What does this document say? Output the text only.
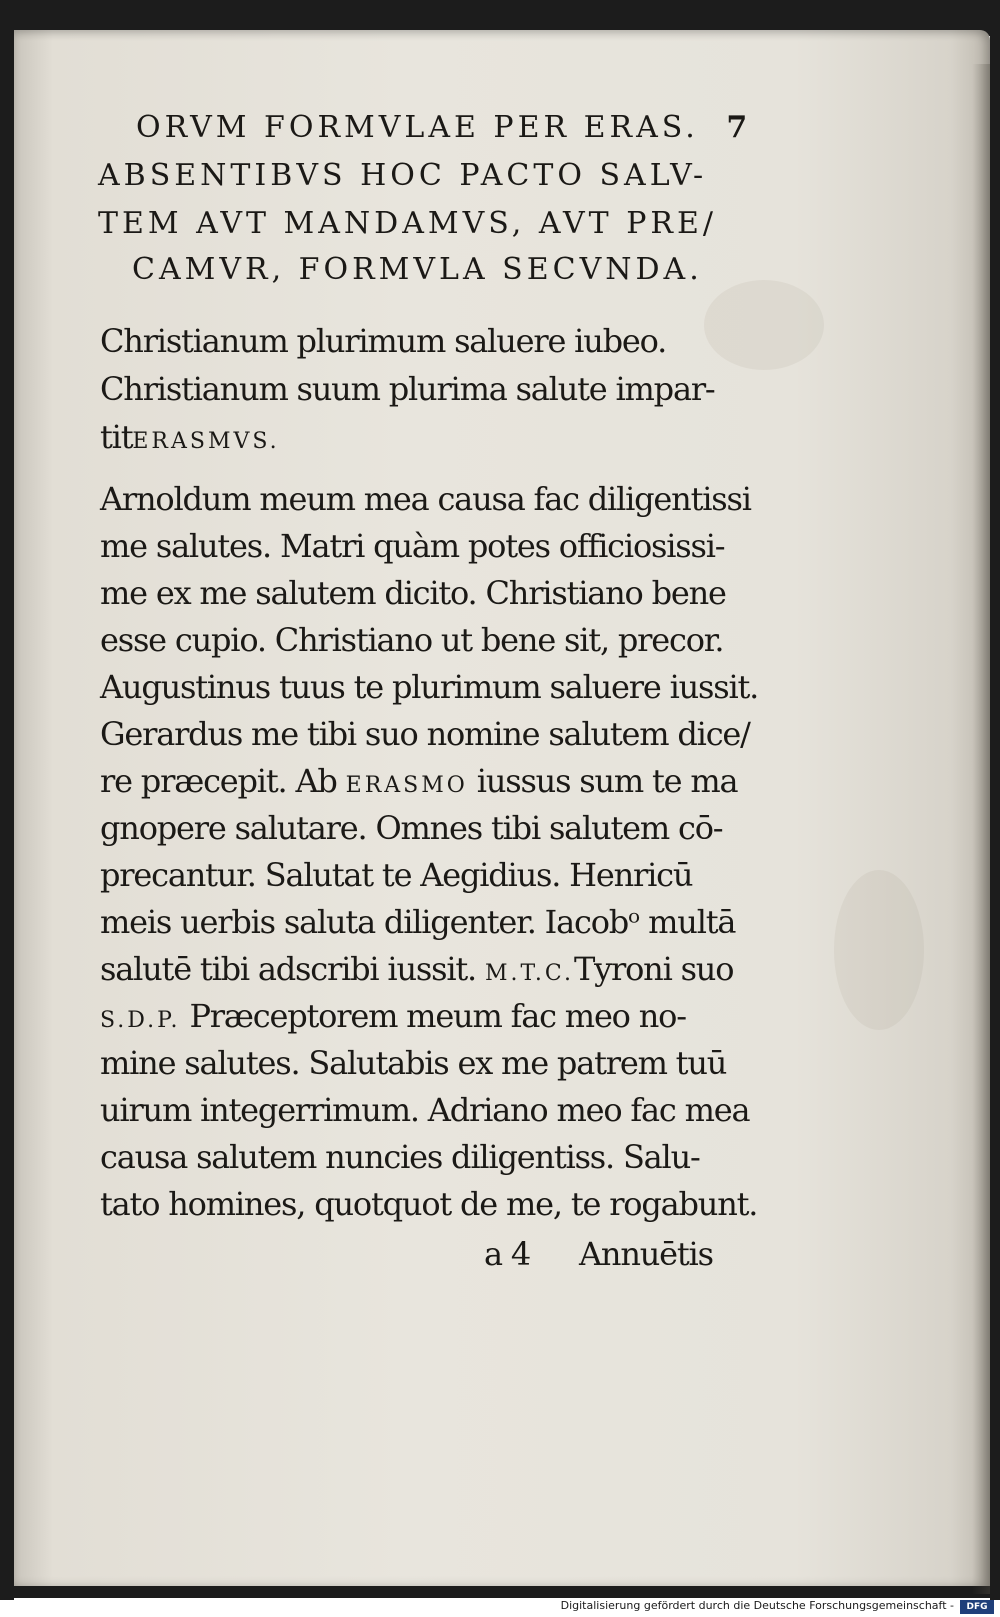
ORVM FORMVLAE PER ERAS. 7
ABSENTIBVS HOC PACTO SALV-
TEM AVT MANDAMVS, AVT PRE/
CAMVR, FORMVLA SECVNDA.
Christianum plurimum saluere iubeo.
Christianum suum plurima salute impar-
titERASMVS.
Arnoldum meum mea causa fac diligentissi
me salutes. Matri quàm potes officiosissi-
me ex me salutem dicito. Christiano bene
esse cupio. Christiano ut bene sit, precor.
Augustinus tuus te plurimum saluere iussit.
Gerardus me tibi suo nomine salutem dice/
re præcepit. Ab ERASMO iussus sum te ma
gnopere salutare. Omnes tibi salutem cō-
precantur. Salutat te Aegidius. Henricū
meis uerbis saluta diligenter. Iacobᵒ multā
salutē tibi adscribi iussit. M.T.C.Tyroni suo
S.D.P. Præceptorem meum fac meo no-
mine salutes. Salutabis ex me patrem tuū
uirum integerrimum. Adriano meo fac mea
causa salutem nuncies diligentiss. Salu-
tato homines, quotquot de me, te rogabunt.
a 4 Annuētis
Digitalisierung gefördert durch die Deutsche Forschungsgemeinschaft -	DFG
